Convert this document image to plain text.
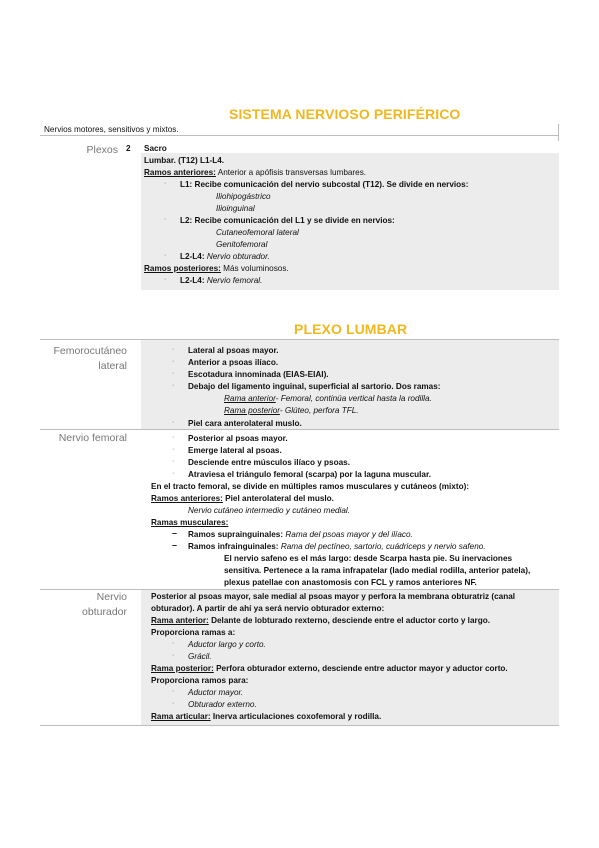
SISTEMA NERVIOSO PERIFÉRICO
Nervios motores, sensitivos y mixtos.
Plexos 2 Sacro
Lumbar. (T12) L1-L4.
Ramos anteriores: Anterior a apófisis transversas lumbares.
· L1: Recibe comunicación del nervio subcostal (T12). Se divide en nervios:
Iliohipogástrico
Ilioinguinal
· L2: Recibe comunicación del L1 y se divide en nervios:
Cutaneofemoral lateral
Genitofemoral
· L2-L4: Nervio obturador.
Ramos posteriores: Más voluminosos.
· L2-L4: Nervio femoral.
PLEXO LUMBAR
Femorocutáneo lateral
· Lateral al psoas mayor.
· Anterior a psoas ilíaco.
· Escotadura innominada (EIAS-EIAI).
· Debajo del ligamento inguinal, superficial al sartorio. Dos ramas:
Rama anterior- Femoral, continúa vertical hasta la rodilla.
Rama posterior- Glúteo, perfora TFL.
· Piel cara anterolateral muslo.
Nervio femoral	· Posterior al psoas mayor.
· Emerge lateral al psoas.
· Desciende entre músculos ilíaco y psoas.
· Atraviesa el triángulo femoral (scarpa) por la laguna muscular.
En el tracto femoral, se divide en múltiples ramos musculares y cutáneos (mixto):
Ramos anteriores: Piel anterolateral del muslo.
Nervio cutáneo intermedio y cutáneo medial.
Ramas musculares:
– Ramos suprainguinales: Rama del psoas mayor y del ilíaco.
– Ramos infrainguinales: Rama del pectíneo, sartorio, cuádriceps y nervio safeno.
El nervio safeno es el más largo: desde Scarpa hasta pie. Su inervaciones
sensitiva. Pertenece a la rama infrapatelar (lado medial rodilla, anterior patela),
plexus patellae con anastomosis con FCL y ramos anteriores NF.
Nervio obturador
Posterior al psoas mayor, sale medial al psoas mayor y perfora la membrana obturatriz (canal
obturador). A partir de ahí ya será nervio obturador externo:
Rama anterior: Delante de lobturado rexterno, desciende entre el aductor corto y largo.
Proporciona ramas a:
· Aductor largo y corto.
· Grácil.
Rama posterior: Perfora obturador externo, desciende entre aductor mayor y aductor corto.
Proporciona ramos para:
· Aductor mayor.
· Obturador externo.
Rama articular: Inerva articulaciones coxofemoral y rodilla.
